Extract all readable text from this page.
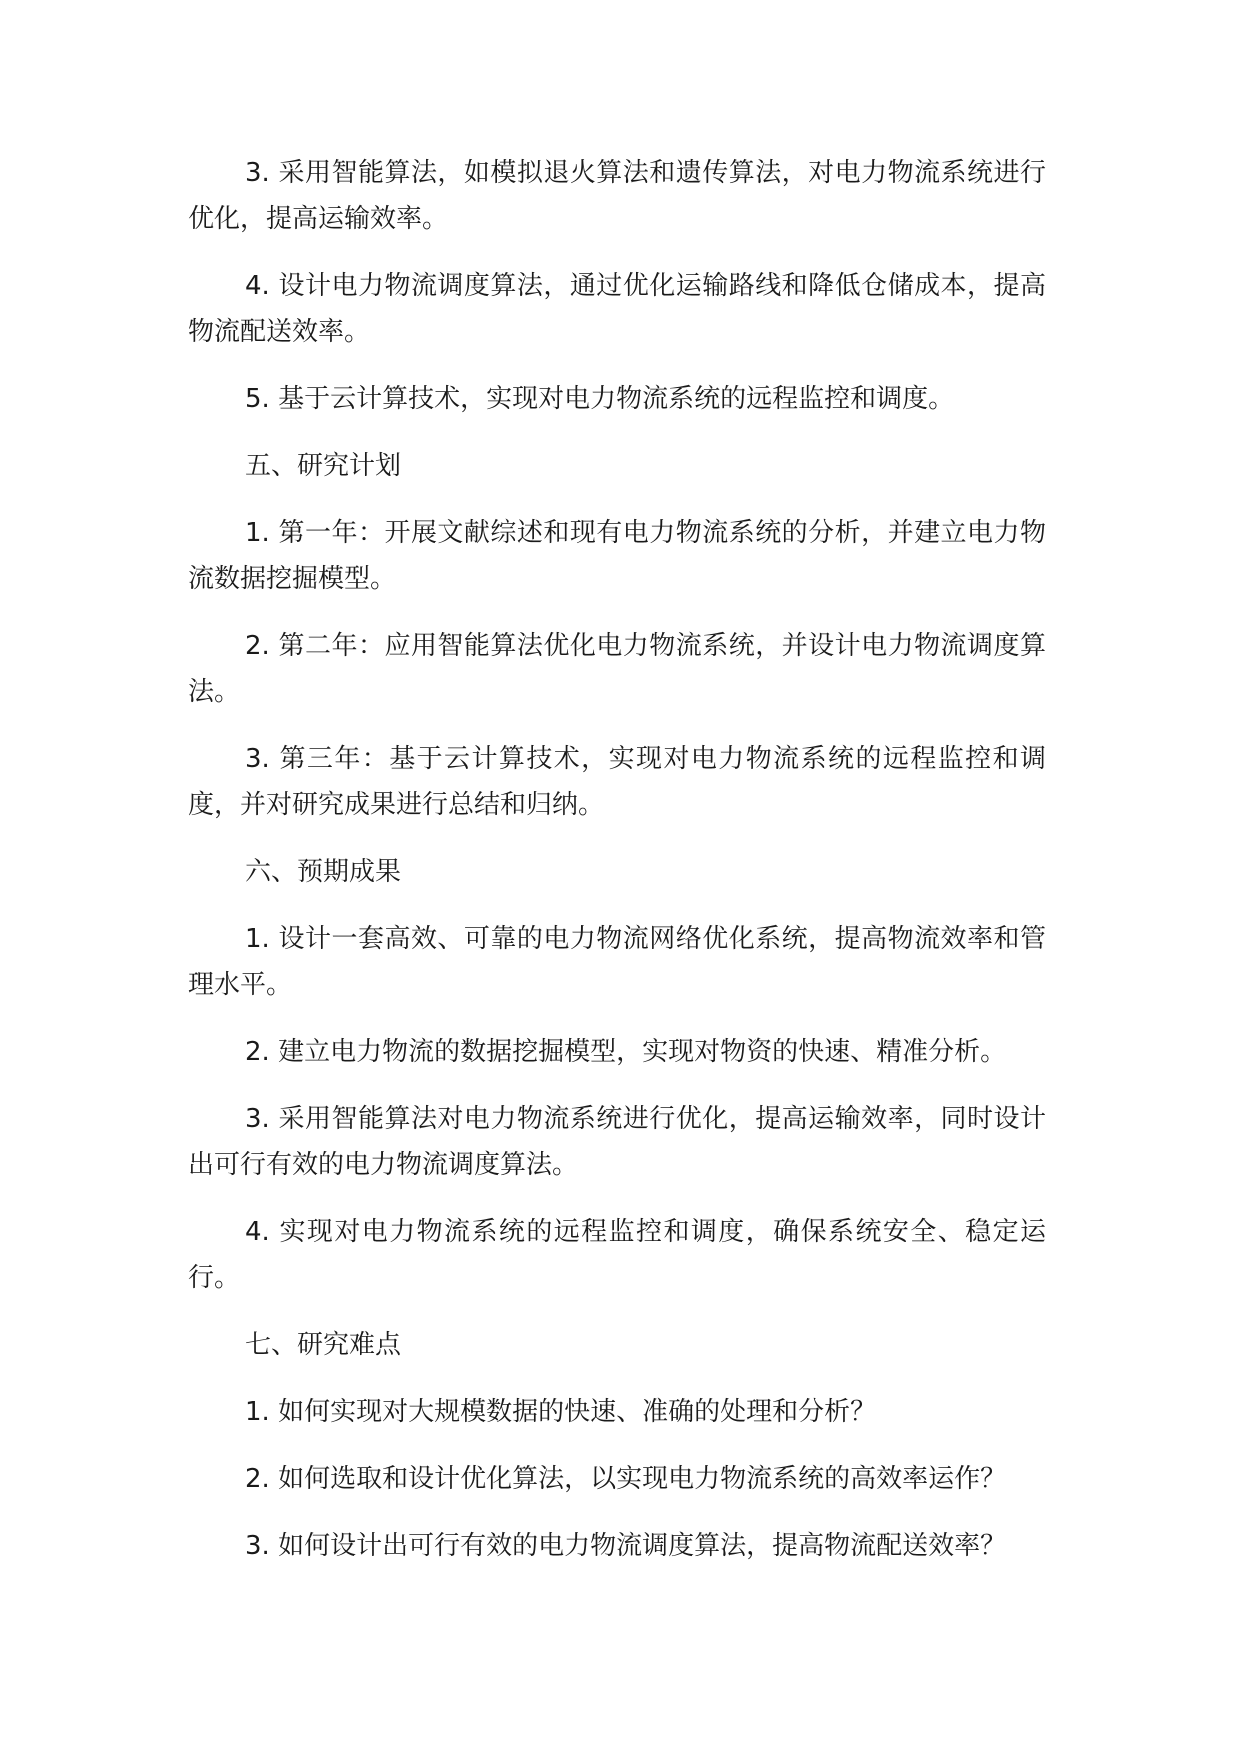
3. 采用智能算法，如模拟退火算法和遗传算法，对电力物流系统进行优化，提高运输效率。

4. 设计电力物流调度算法，通过优化运输路线和降低仓储成本，提高物流配送效率。

5. 基于云计算技术，实现对电力物流系统的远程监控和调度。

五、研究计划

1. 第一年：开展文献综述和现有电力物流系统的分析，并建立电力物流数据挖掘模型。

2. 第二年：应用智能算法优化电力物流系统，并设计电力物流调度算法。

3. 第三年：基于云计算技术，实现对电力物流系统的远程监控和调度，并对研究成果进行总结和归纳。

六、预期成果

1. 设计一套高效、可靠的电力物流网络优化系统，提高物流效率和管理水平。

2. 建立电力物流的数据挖掘模型，实现对物资的快速、精准分析。

3. 采用智能算法对电力物流系统进行优化，提高运输效率，同时设计出可行有效的电力物流调度算法。

4. 实现对电力物流系统的远程监控和调度，确保系统安全、稳定运行。

七、研究难点

1. 如何实现对大规模数据的快速、准确的处理和分析？

2. 如何选取和设计优化算法，以实现电力物流系统的高效率运作？

3. 如何设计出可行有效的电力物流调度算法，提高物流配送效率？
